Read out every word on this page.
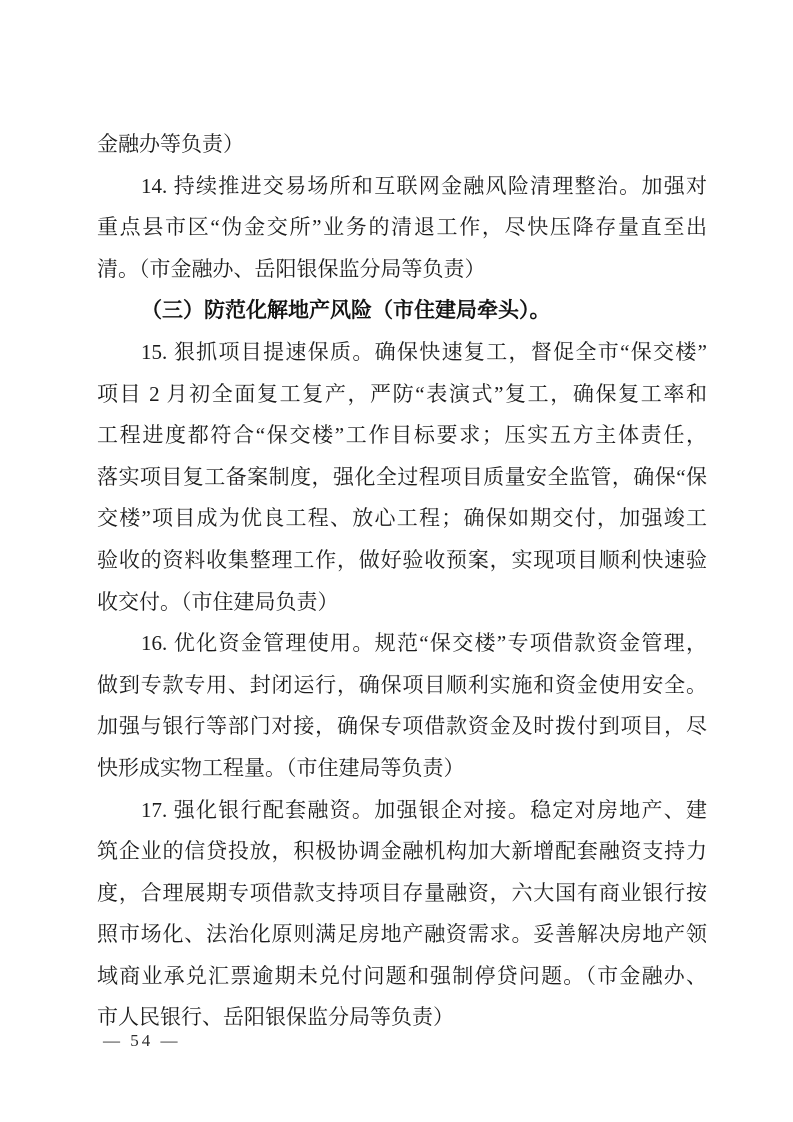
金融办等负责）
14. 持续推进交易场所和互联网金融风险清理整治。加强对
重点县市区“伪金交所”业务的清退工作，尽快压降存量直至出
清。（市金融办、岳阳银保监分局等负责）
（三）防范化解地产风险（市住建局牵头）。
15. 狠抓项目提速保质。确保快速复工，督促全市“保交楼”
项目 2 月初全面复工复产，严防“表演式”复工，确保复工率和
工程进度都符合“保交楼”工作目标要求；压实五方主体责任，
落实项目复工备案制度，强化全过程项目质量安全监管，确保“保
交楼”项目成为优良工程、放心工程；确保如期交付，加强竣工
验收的资料收集整理工作，做好验收预案，实现项目顺利快速验
收交付。（市住建局负责）
16. 优化资金管理使用。规范“保交楼”专项借款资金管理，
做到专款专用、封闭运行，确保项目顺利实施和资金使用安全。
加强与银行等部门对接，确保专项借款资金及时拨付到项目，尽
快形成实物工程量。（市住建局等负责）
17. 强化银行配套融资。加强银企对接。稳定对房地产、建
筑企业的信贷投放，积极协调金融机构加大新增配套融资支持力
度，合理展期专项借款支持项目存量融资，六大国有商业银行按
照市场化、法治化原则满足房地产融资需求。妥善解决房地产领
域商业承兑汇票逾期未兑付问题和强制停贷问题。（市金融办、
市人民银行、岳阳银保监分局等负责）
— 54 —
